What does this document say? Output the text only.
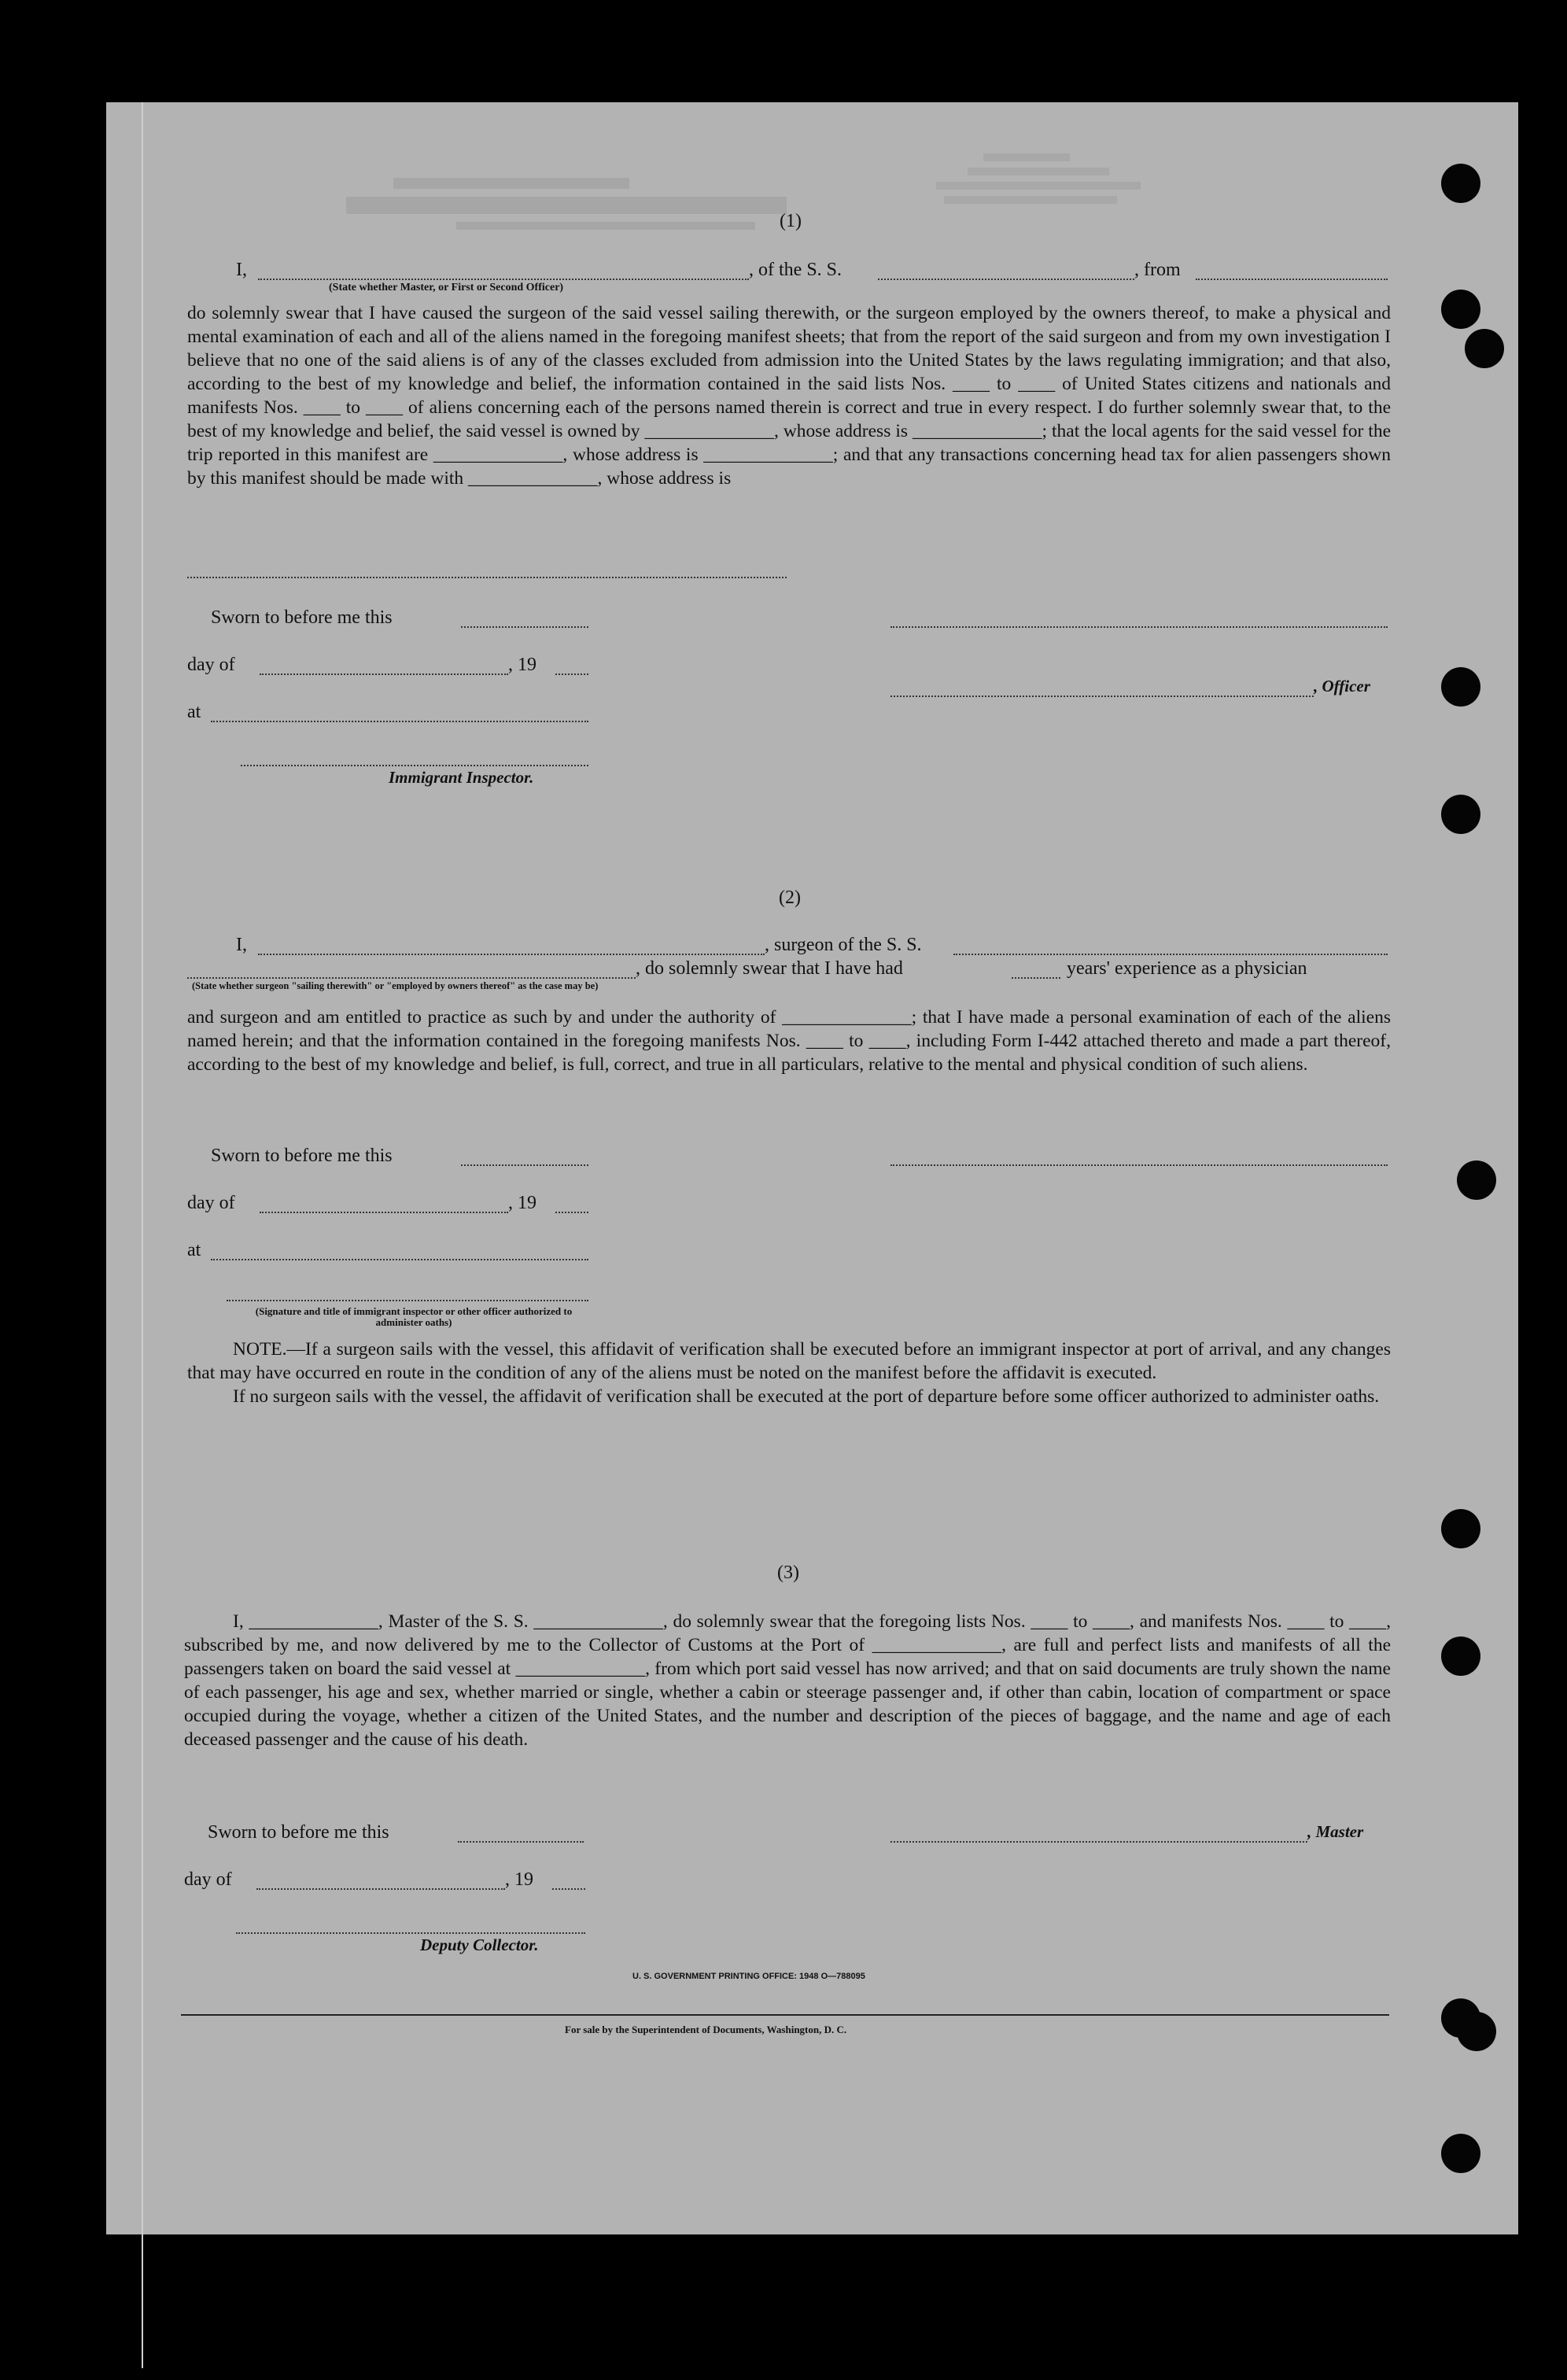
(1)
I,	, of the S. S.	, from
(State whether Master, or First or Second Officer)

do solemnly swear that I have caused the surgeon of the said vessel sailing therewith, or the surgeon employed by the owners thereof, to make a physical and mental examination of each and all of the aliens named in the foregoing manifest sheets; that from the report of the said surgeon and from my own investigation I believe that no one of the said aliens is of any of the classes excluded from admission into the United States by the laws regulating immigration; and that also, according to the best of my knowledge and belief, the information contained in the said lists Nos. ____ to ____ of United States citizens and nationals and manifests Nos. ____ to ____ of aliens concerning each of the persons named therein is correct and true in every respect. I do further solemnly swear that, to the best of my knowledge and belief, the said vessel is owned by ______________, whose address is ______________; that the local agents for the said vessel for the trip reported in this manifest are ______________, whose address is ______________; and that any transactions concerning head tax for alien passengers shown by this manifest should be made with ______________, whose address is

Sworn to before me this
day of	, 19
, Officer
at
Immigrant Inspector.
(2)
I,	, surgeon of the S. S.
, do solemnly swear that I have had	years' experience as a physician
(State whether surgeon "sailing therewith" or "employed by owners thereof" as the case may be)

and surgeon and am entitled to practice as such by and under the authority of ______________; that I have made a personal examination of each of the aliens named herein; and that the information contained in the foregoing manifests Nos. ____ to ____, including Form I-442 attached thereto and made a part thereof, according to the best of my knowledge and belief, is full, correct, and true in all particulars, relative to the mental and physical condition of such aliens.

Sworn to before me this
day of	, 19
at
(Signature and title of immigrant inspector or other officer authorized to administer oaths)

NOTE.—If a surgeon sails with the vessel, this affidavit of verification shall be executed before an immigrant inspector at port of arrival, and any changes that may have occurred en route in the condition of any of the aliens must be noted on the manifest before the affidavit is executed.

If no surgeon sails with the vessel, the affidavit of verification shall be executed at the port of departure before some officer authorized to administer oaths.

(3)

I, ______________, Master of the S. S. ______________, do solemnly swear that the foregoing lists Nos. ____ to ____, and manifests Nos. ____ to ____, subscribed by me, and now delivered by me to the Collector of Customs at the Port of ______________, are full and perfect lists and manifests of all the passengers taken on board the said vessel at ______________, from which port said vessel has now arrived; and that on said documents are truly shown the name of each passenger, his age and sex, whether married or single, whether a cabin or steerage passenger and, if other than cabin, location of compartment or space occupied during the voyage, whether a citizen of the United States, and the number and description of the pieces of baggage, and the name and age of each deceased passenger and the cause of his death.

Sworn to before me this	, Master
day of	, 19
Deputy Collector.
U. S. GOVERNMENT PRINTING OFFICE: 1948 O—788095
For sale by the Superintendent of Documents, Washington, D. C.
